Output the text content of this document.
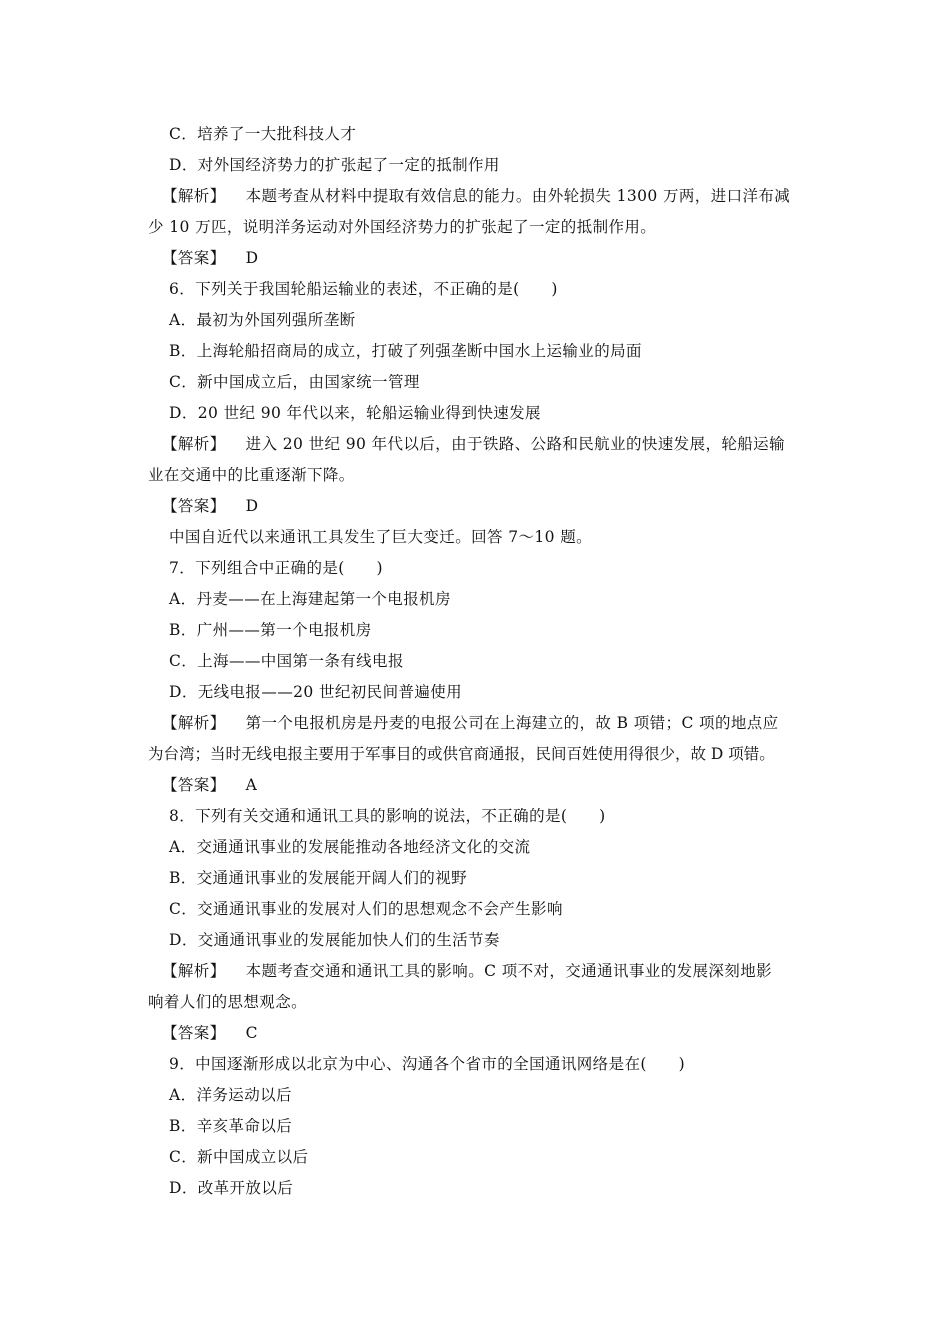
C．培养了一大批科技人才
D．对外国经济势力的扩张起了一定的抵制作用
【解析】 本题考查从材料中提取有效信息的能力。由外轮损失 1300 万两，进口洋布减
少 10 万匹，说明洋务运动对外国经济势力的扩张起了一定的抵制作用。
【答案】 D
6．下列关于我国轮船运输业的表述，不正确的是(　　)
A．最初为外国列强所垄断
B．上海轮船招商局的成立，打破了列强垄断中国水上运输业的局面
C．新中国成立后，由国家统一管理
D．20 世纪 90 年代以来，轮船运输业得到快速发展
【解析】 进入 20 世纪 90 年代以后，由于铁路、公路和民航业的快速发展，轮船运输
业在交通中的比重逐渐下降。
【答案】 D
中国自近代以来通讯工具发生了巨大变迁。回答 7～10 题。
7．下列组合中正确的是(　　)
A．丹麦——在上海建起第一个电报机房
B．广州——第一个电报机房
C．上海——中国第一条有线电报
D．无线电报——20 世纪初民间普遍使用
【解析】 第一个电报机房是丹麦的电报公司在上海建立的，故 B 项错；C 项的地点应
为台湾；当时无线电报主要用于军事目的或供官商通报，民间百姓使用得很少，故 D 项错。
【答案】 A
8．下列有关交通和通讯工具的影响的说法，不正确的是(　　)
A．交通通讯事业的发展能推动各地经济文化的交流
B．交通通讯事业的发展能开阔人们的视野
C．交通通讯事业的发展对人们的思想观念不会产生影响
D．交通通讯事业的发展能加快人们的生活节奏
【解析】 本题考查交通和通讯工具的影响。C 项不对，交通通讯事业的发展深刻地影
响着人们的思想观念。
【答案】 C
9．中国逐渐形成以北京为中心、沟通各个省市的全国通讯网络是在(　　)
A．洋务运动以后
B．辛亥革命以后
C．新中国成立以后
D．改革开放以后
